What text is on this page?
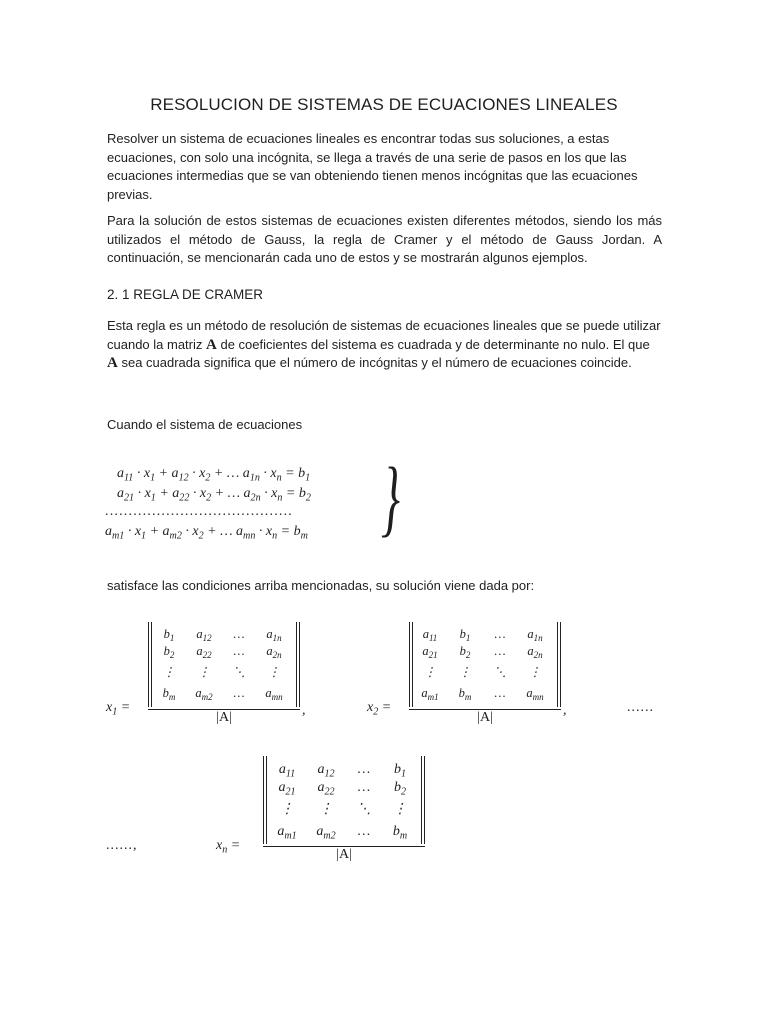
RESOLUCION DE SISTEMAS DE ECUACIONES LINEALES
Resolver un sistema de ecuaciones lineales es encontrar todas sus soluciones, a estas ecuaciones, con solo una incógnita, se llega a través de una serie de pasos en los que las ecuaciones intermedias que se van obteniendo tienen menos incógnitas que las ecuaciones previas.
Para la solución de estos sistemas de ecuaciones existen diferentes métodos, siendo los más utilizados el método de Gauss, la regla de Cramer y el método de Gauss Jordan. A continuación, se mencionarán cada uno de estos y se mostrarán algunos ejemplos.
2. 1 REGLA DE CRAMER
Esta regla es un método de resolución de sistemas de ecuaciones lineales que se puede utilizar cuando la matriz A de coeficientes del sistema es cuadrada y de determinante no nulo. El que A sea cuadrada significa que el número de incógnitas y el número de ecuaciones coincide.
Cuando el sistema de ecuaciones
$a_{11} \cdot x_1 + a_{12} \cdot x_2$ + … $a_{1n} \cdot x_n = b_1$
$a_{21} \cdot x_1 + a_{22} \cdot x_2$ + … $a_{2n} \cdot x_n = b_2$
........................................
$a_{m1} \cdot x_1 + a_{m2} \cdot x_2$ + … $a_{mn} \cdot x_n = b_m$ }
satisface las condiciones arriba mencionadas, su solución viene dada por:
$x_1$ =
$b_1$	$a_{12}$	…	$a_{1n}$
$b_2$	$a_{22}$	…	$a_{2n}$
⋮	⋮	⋱	⋮
$b_m$	$a_{m2}$	…	$a_{mn}$
|A|	,	$x_2$ =
$a_{11}$	$b_1$	…	$a_{1n}$
$a_{21}$	$b_2$	…	$a_{2n}$
⋮	⋮	⋱	⋮
$a_{m1}$	$b_m$	…	$a_{mn}$
|A|	,	......
......,	$x_n$ =
$a_{11}$	$a_{12}$	…	$b_1$
$a_{21}$	$a_{22}$	…	$b_2$
⋮	⋮	⋱	⋮
$a_{m1}$	$a_{m2}$	…	$b_m$
|A|
